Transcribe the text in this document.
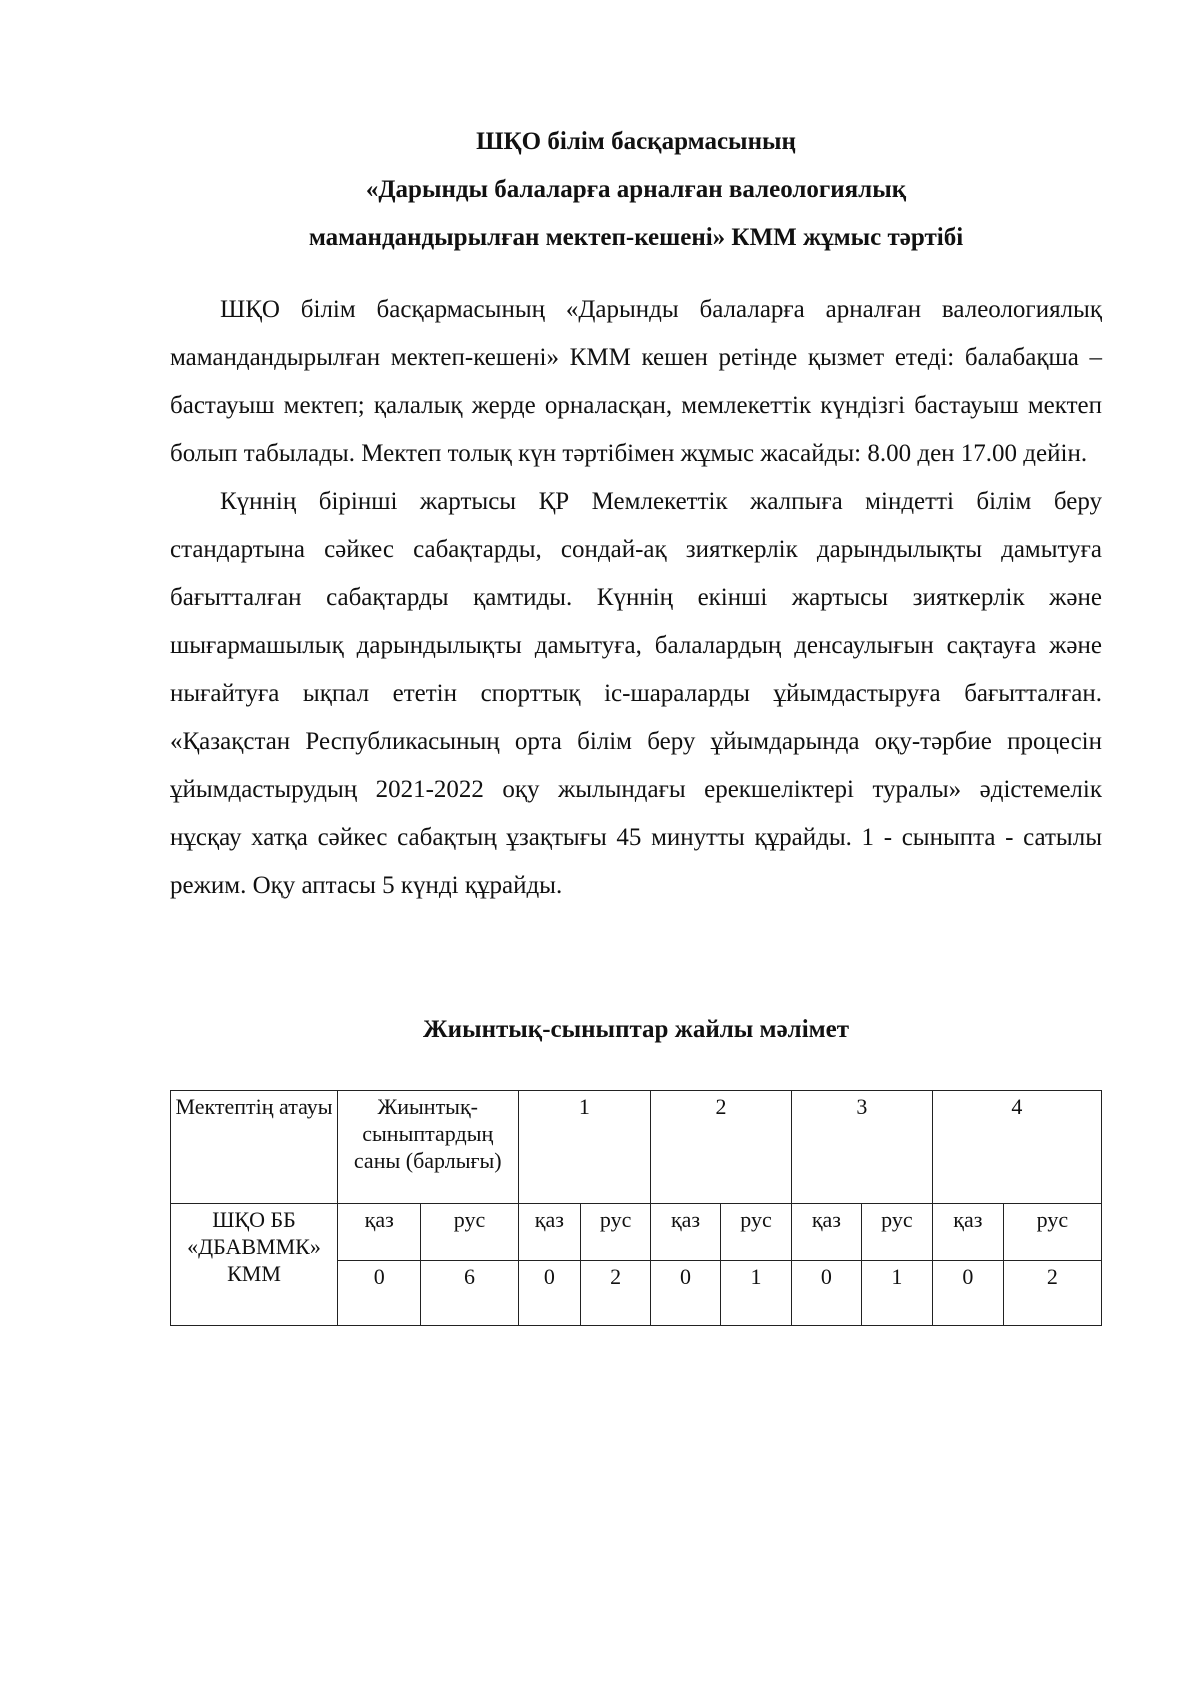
ШҚО білім басқармасының
«Дарынды балаларға арналған валеологиялық
мамандандырылған мектеп-кешені» КММ жұмыс тәртібі

ШҚО білім басқармасының «Дарынды балаларға арналған валеологиялық мамандандырылған мектеп-кешені» КММ кешен ретінде қызмет етеді: балабақша – бастауыш мектеп; қалалық жерде орналасқан, мемлекеттік күндізгі бастауыш мектеп болып табылады. Мектеп толық күн тәртібімен жұмыс жасайды: 8.00 ден 17.00 дейін.

Күннің бірінші жартысы ҚР Мемлекеттік жалпыға міндетті білім беру стандартына сәйкес сабақтарды, сондай-ақ зияткерлік дарындылықты дамытуға бағытталған сабақтарды қамтиды. Күннің екінші жартысы зияткерлік және шығармашылық дарындылықты дамытуға, балалардың денсаулығын сақтауға және нығайтуға ықпал ететін спорттық іс-шараларды ұйымдастыруға бағытталған. «Қазақстан Республикасының орта білім беру ұйымдарында оқу-тәрбие процесін ұйымдастырудың 2021-2022 оқу жылындағы ерекшеліктері туралы» әдістемелік нұсқау хатқа сәйкес сабақтың ұзақтығы 45 минутты құрайды. 1 - сыныпта - сатылы режим. Оқу аптасы 5 күнді құрайды.

Жиынтық-сыныптар жайлы мәлімет
Мектептің атауы	Жиынтық-сыныптардың саны (барлығы)		1		2		3		4	
ШҚО ББ «ДБАВММК» КММ	қаз	рус	қаз	рус	қаз	рус	қаз	рус	қаз	рус
	0	6	0	2	0	1	0	1	0	2
